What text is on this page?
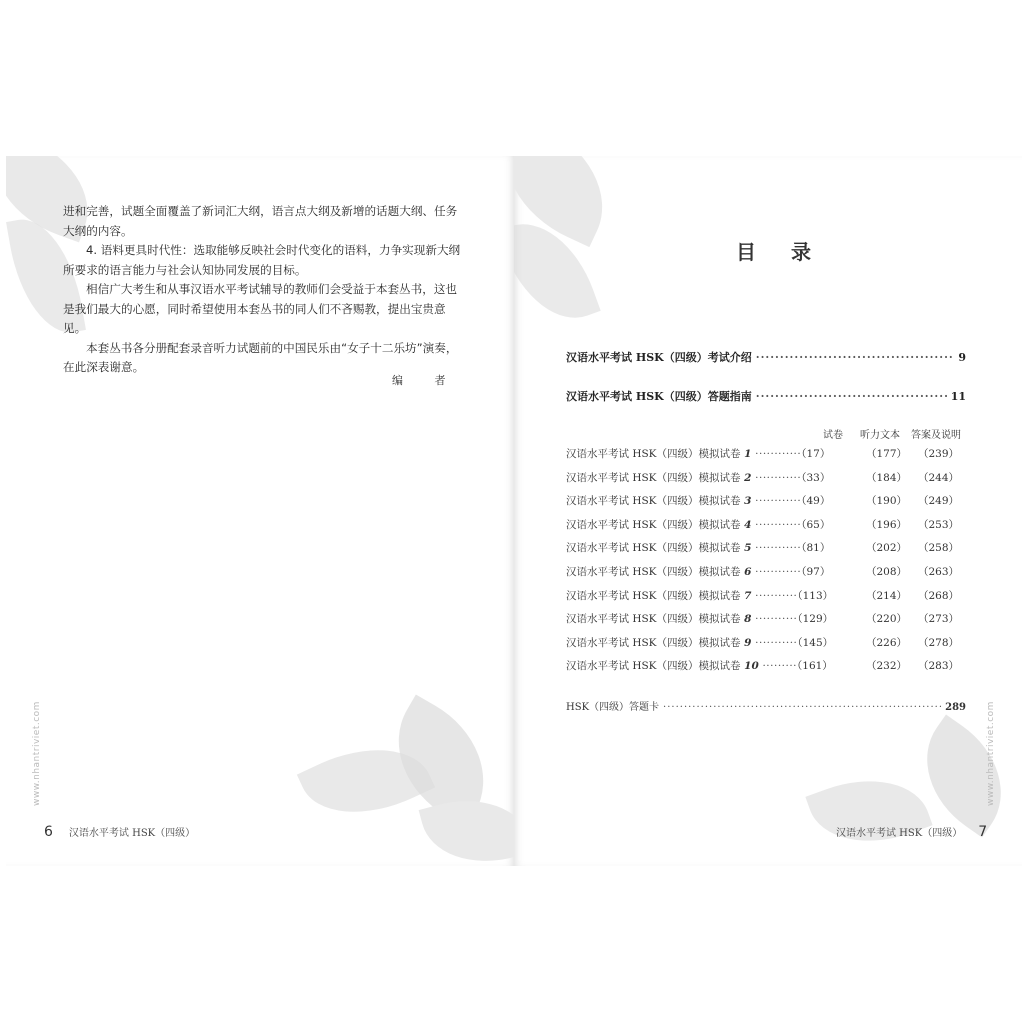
进和完善，试题全面覆盖了新词汇大纲，语言点大纲及新增的话题大纲、任务大纲的内容。

4. 语料更具时代性：选取能够反映社会时代变化的语料，力争实现新大纲所要求的语言能力与社会认知协同发展的目标。

相信广大考生和从事汉语水平考试辅导的教师们会受益于本套丛书，这也是我们最大的心愿，同时希望使用本套丛书的同人们不吝赐教，提出宝贵意见。

本套丛书各分册配套录音听力试题前的中国民乐由“女子十二乐坊”演奏，在此深表谢意。

编 者
www.nhantriviet.com
6 汉语水平考试 HSK（四级）
目 录
汉语水平考试 HSK（四级）考试介绍 ·····	9
汉语水平考试 HSK（四级）答题指南 ·····	11
试卷 听力文本 答案及说明
汉语水平考试 HSK（四级）模拟试卷 1 ············（17）	（177） （239）
汉语水平考试 HSK（四级）模拟试卷 2 ············（33）	（184） （244）
汉语水平考试 HSK（四级）模拟试卷 3 ············（49）	（190） （249）
汉语水平考试 HSK（四级）模拟试卷 4 ············（65）	（196） （253）
汉语水平考试 HSK（四级）模拟试卷 5 ············（81）	（202） （258）
汉语水平考试 HSK（四级）模拟试卷 6 ············（97）	（208） （263）
汉语水平考试 HSK（四级）模拟试卷 7 ···········（113）	（214） （268）
汉语水平考试 HSK（四级）模拟试卷 8 ···········（129）	（220） （273）
汉语水平考试 HSK（四级）模拟试卷 9 ···········（145）	（226） （278）
汉语水平考试 HSK（四级）模拟试卷 10 ·········（161）	（232） （283）
HSK（四级）答题卡 ·····	289 www.nhantriviet.com
汉语水平考试 HSK（四级） 7
